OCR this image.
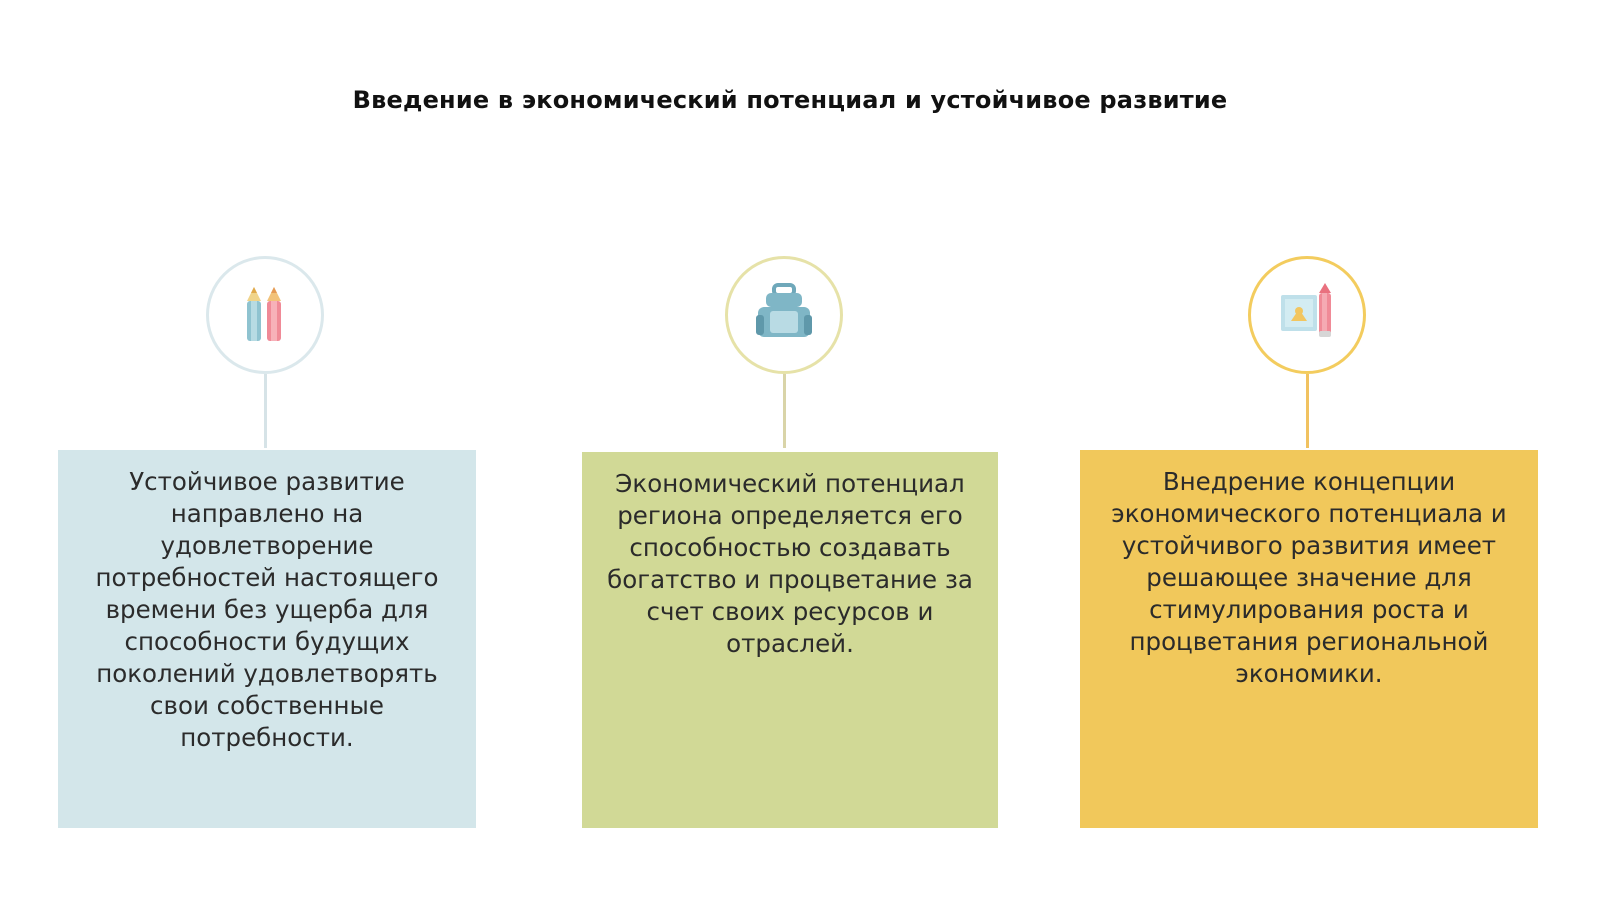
Введение в экономический потенциал и устойчивое развитие
Устойчивое развитие направлено на удовлетворение потребностей настоящего времени без ущерба для способности будущих поколений удовлетворять свои собственные потребности.
Экономический потенциал региона определяется его способностью создавать богатство и процветание за счет своих ресурсов и отраслей.
Внедрение концепции экономического потенциала и устойчивого развития имеет решающее значение для стимулирования роста и процветания региональной экономики.
